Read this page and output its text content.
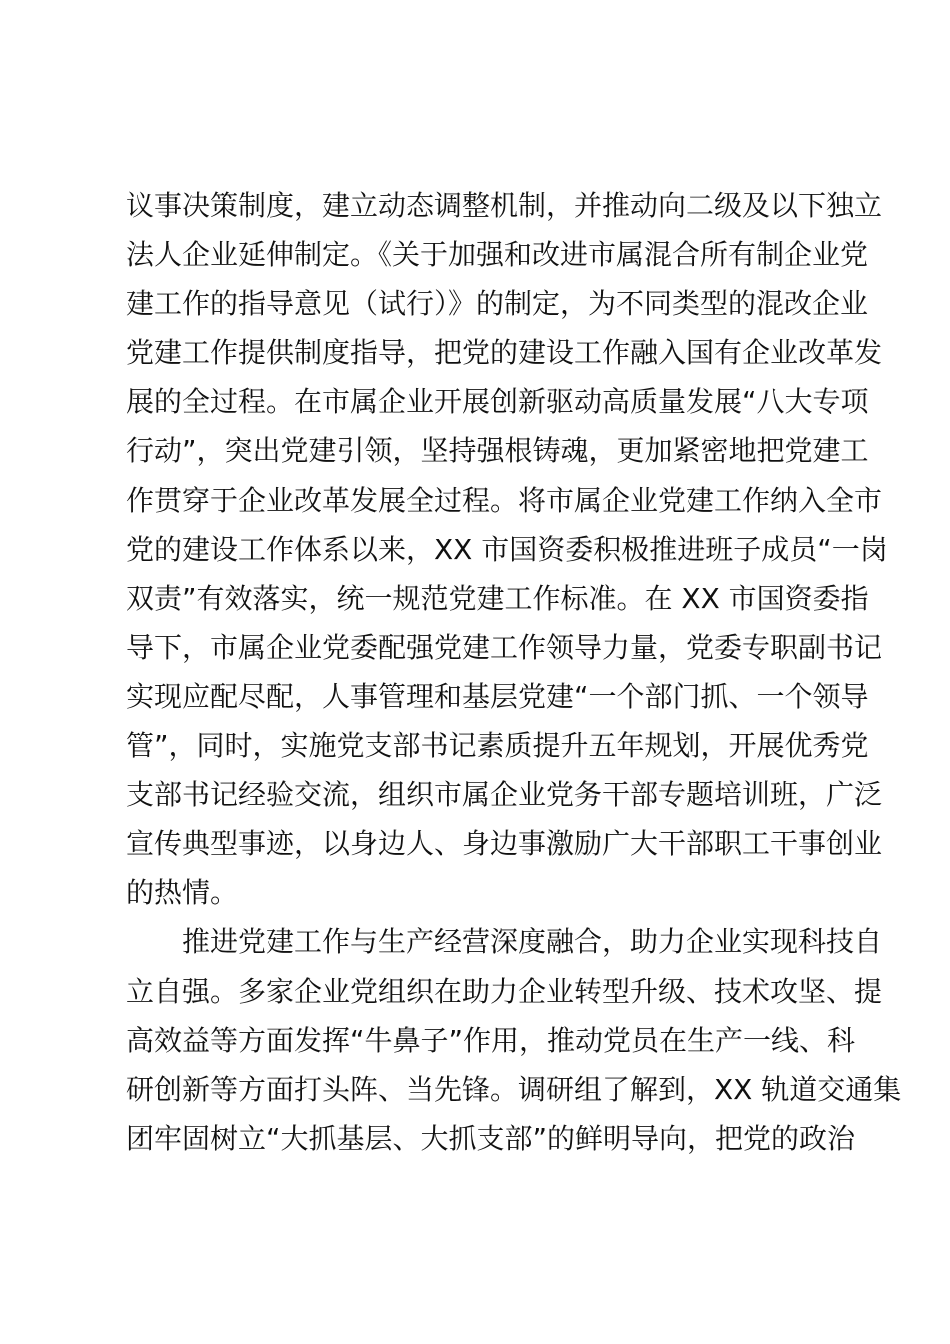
议事决策制度，建立动态调整机制，并推动向二级及以下独立
法人企业延伸制定。《关于加强和改进市属混合所有制企业党
建工作的指导意见（试行）》的制定，为不同类型的混改企业
党建工作提供制度指导，把党的建设工作融入国有企业改革发
展的全过程。在市属企业开展创新驱动高质量发展“八大专项
行动”，突出党建引领，坚持强根铸魂，更加紧密地把党建工
作贯穿于企业改革发展全过程。将市属企业党建工作纳入全市
党的建设工作体系以来，XX 市国资委积极推进班子成员“一岗
双责”有效落实，统一规范党建工作标准。在 XX 市国资委指
导下，市属企业党委配强党建工作领导力量，党委专职副书记
实现应配尽配，人事管理和基层党建“一个部门抓、一个领导
管”，同时，实施党支部书记素质提升五年规划，开展优秀党
支部书记经验交流，组织市属企业党务干部专题培训班，广泛
宣传典型事迹，以身边人、身边事激励广大干部职工干事创业
的热情。
推进党建工作与生产经营深度融合，助力企业实现科技自
立自强。多家企业党组织在助力企业转型升级、技术攻坚、提
高效益等方面发挥“牛鼻子”作用，推动党员在生产一线、科
研创新等方面打头阵、当先锋。调研组了解到，XX 轨道交通集
团牢固树立“大抓基层、大抓支部”的鲜明导向，把党的政治
